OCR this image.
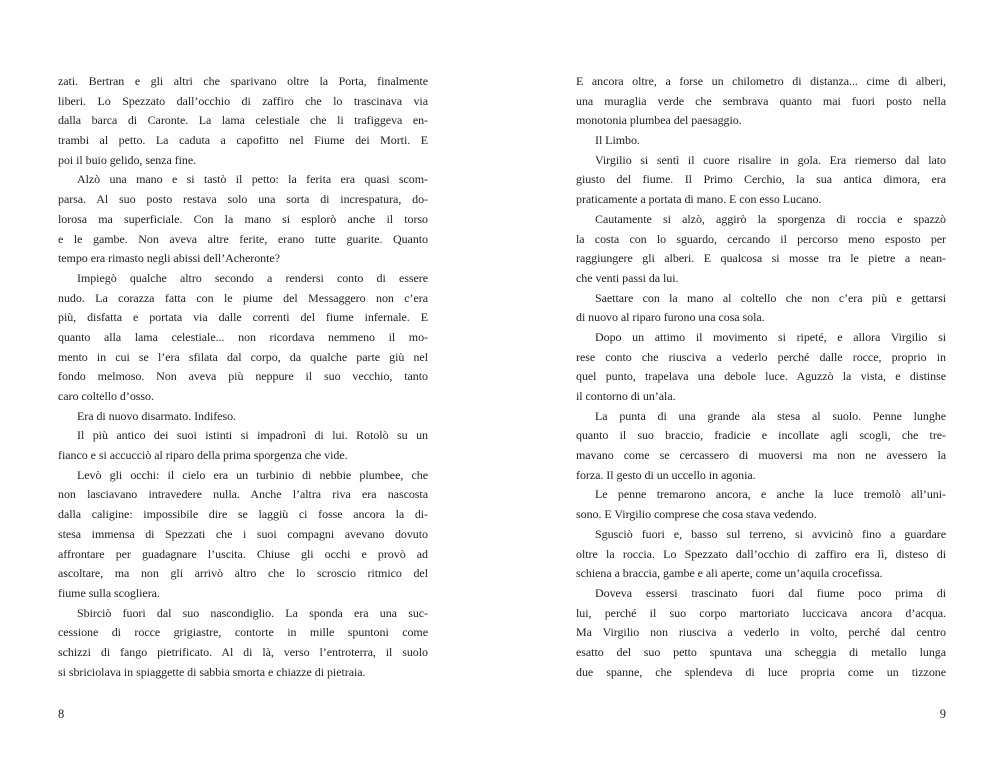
zati. Bertran e gli altri che sparivano oltre la Porta, finalmente
liberi. Lo Spezzato dall’occhio di zaffiro che lo trascinava via
dalla barca di Caronte. La lama celestiale che li trafiggeva en-
trambi al petto. La caduta a capofitto nel Fiume dei Morti. E
poi il buio gelido, senza fine.
Alzò una mano e si tastò il petto: la ferita era quasi scom-
parsa. Al suo posto restava solo una sorta di increspatura, do-
lorosa ma superficiale. Con la mano si esplorò anche il torso
e le gambe. Non aveva altre ferite, erano tutte guarite. Quanto
tempo era rimasto negli abissi dell’Acheronte?
Impiegò qualche altro secondo a rendersi conto di essere
nudo. La corazza fatta con le piume del Messaggero non c’era
più, disfatta e portata via dalle correnti del fiume infernale. E
quanto alla lama celestiale... non ricordava nemmeno il mo-
mento in cui se l’era sfilata dal corpo, da qualche parte giù nel
fondo melmoso. Non aveva più neppure il suo vecchio, tanto
caro coltello d’osso.
Era di nuovo disarmato. Indifeso.
Il più antico dei suoi istinti si impadronì di lui. Rotolò su un
fianco e si accucciò al riparo della prima sporgenza che vide.
Levò gli occhi: il cielo era un turbinio di nebbie plumbee, che
non lasciavano intravedere nulla. Anche l’altra riva era nascosta
dalla caligine: impossibile dire se laggiù ci fosse ancora la di-
stesa immensa di Spezzati che i suoi compagni avevano dovuto
affrontare per guadagnare l’uscita. Chiuse gli occhi e provò ad
ascoltare, ma non gli arrivò altro che lo scroscio ritmico del
fiume sulla scogliera.
Sbirciò fuori dal suo nascondiglio. La sponda era una suc-
cessione di rocce grigiastre, contorte in mille spuntoni come
schizzi di fango pietrificato. Al di là, verso l’entroterra, il suolo
si sbriciolava in spiaggette di sabbia smorta e chiazze di pietraia.
8
E ancora oltre, a forse un chilometro di distanza... cime di alberi,
una muraglia verde che sembrava quanto mai fuori posto nella
monotonia plumbea del paesaggio.
Il Limbo.
Virgilio si sentì il cuore risalire in gola. Era riemerso dal lato
giusto del fiume. Il Primo Cerchio, la sua antica dimora, era
praticamente a portata di mano. E con esso Lucano.
Cautamente si alzò, aggirò la sporgenza di roccia e spazzò
la costa con lo sguardo, cercando il percorso meno esposto per
raggiungere gli alberi. E qualcosa si mosse tra le pietre a nean-
che venti passi da lui.
Saettare con la mano al coltello che non c’era più e gettarsi
di nuovo al riparo furono una cosa sola.
Dopo un attimo il movimento si ripeté, e allora Virgilio si
rese conto che riusciva a vederlo perché dalle rocce, proprio in
quel punto, trapelava una debole luce. Aguzzò la vista, e distinse
il contorno di un’ala.
La punta di una grande ala stesa al suolo. Penne lunghe
quanto il suo braccio, fradicie e incollate agli scogli, che tre-
mavano come se cercassero di muoversi ma non ne avessero la
forza. Il gesto di un uccello in agonia.
Le penne tremarono ancora, e anche la luce tremolò all’uni-
sono. E Virgilio comprese che cosa stava vedendo.
Sgusciò fuori e, basso sul terreno, si avvicinò fino a guardare
oltre la roccia. Lo Spezzato dall’occhio di zaffiro era lì, disteso di
schiena a braccia, gambe e ali aperte, come un’aquila crocefissa.
Doveva essersi trascinato fuori dal fiume poco prima di
lui, perché il suo corpo martoriato luccicava ancora d’acqua.
Ma Virgilio non riusciva a vederlo in volto, perché dal centro
esatto del suo petto spuntava una scheggia di metallo lunga
due spanne, che splendeva di luce propria come un tizzone
9
